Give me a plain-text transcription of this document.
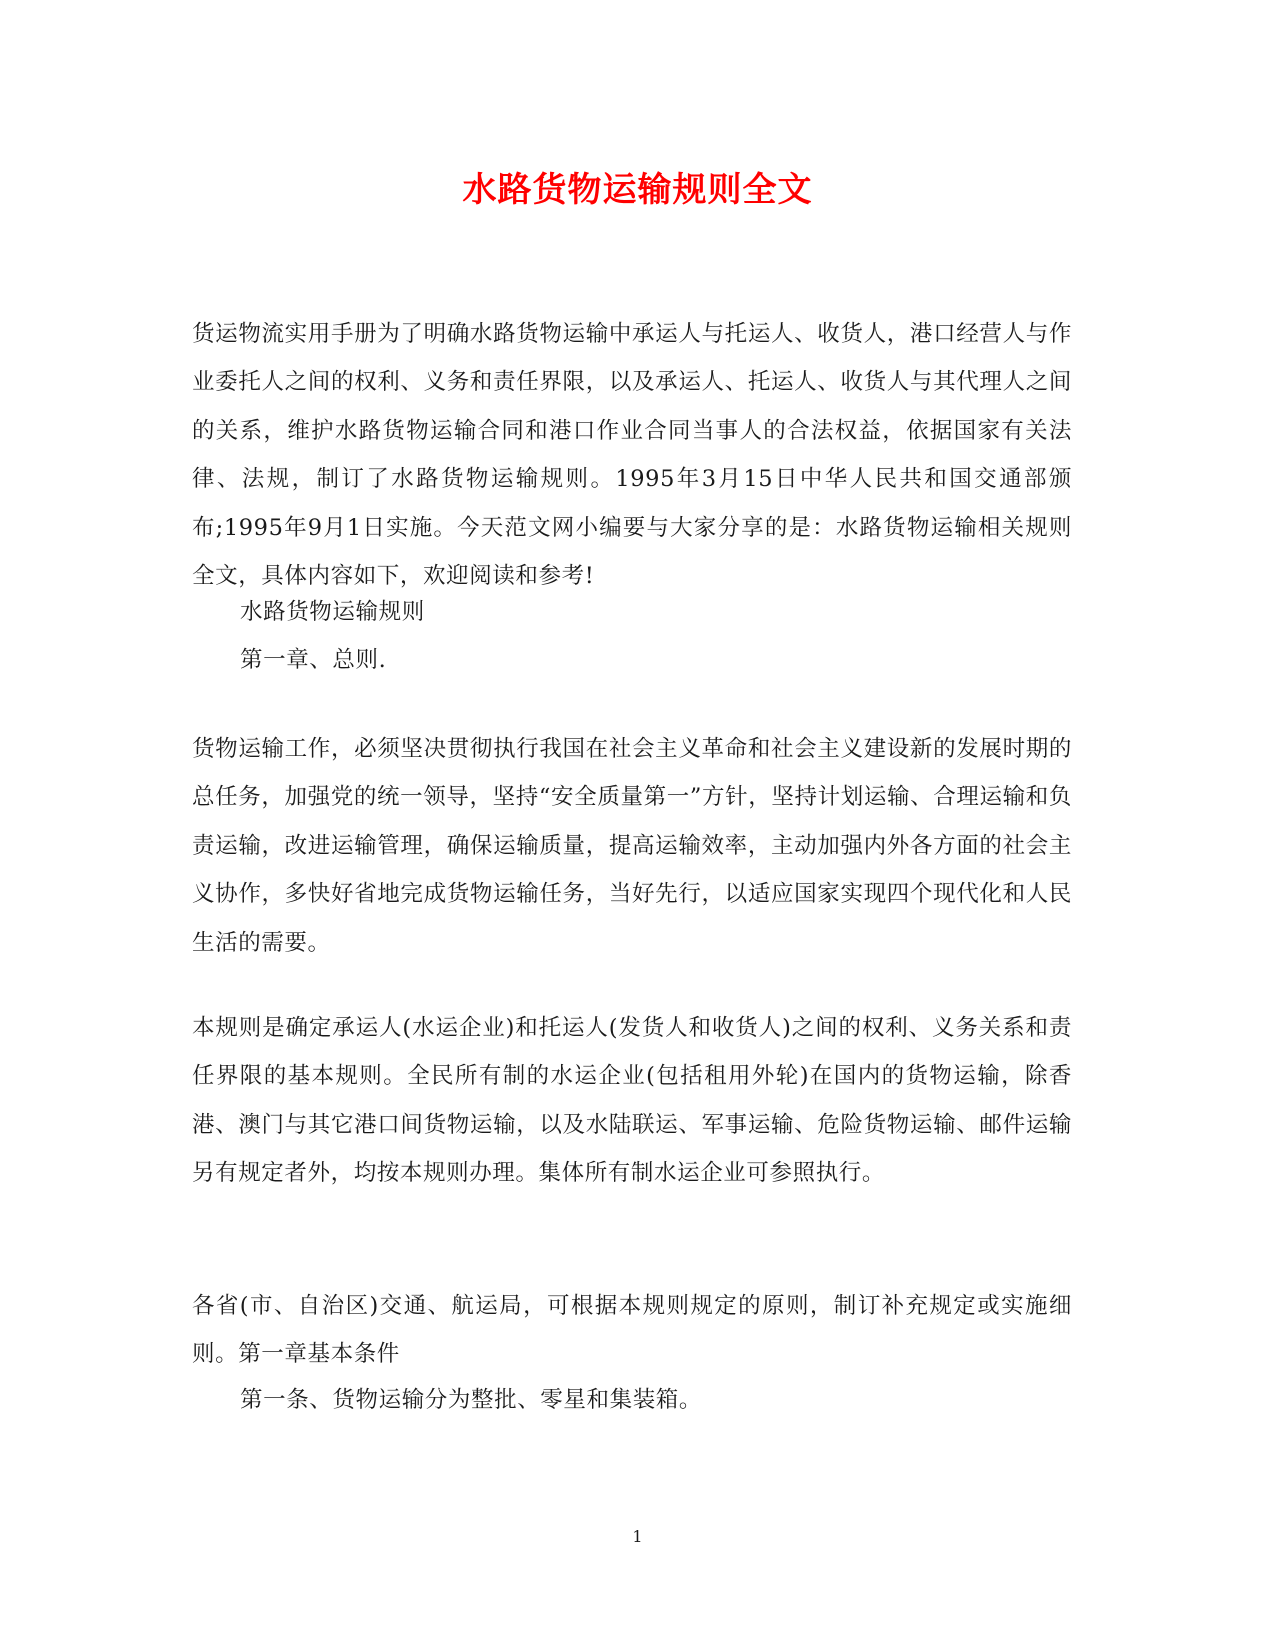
水路货物运输规则全文
货运物流实用手册为了明确水路货物运输中承运人与托运人、收货人，港口经营人与作业委托人之间的权利、义务和责任界限，以及承运人、托运人、收货人与其代理人之间的关系，维护水路货物运输合同和港口作业合同当事人的合法权益，依据国家有关法律、法规，制订了水路货物运输规则。1995年3月15日中华人民共和国交通部颁布;1995年9月1日实施。今天范文网小编要与大家分享的是：水路货物运输相关规则全文，具体内容如下，欢迎阅读和参考!
水路货物运输规则
第一章、总则.
货物运输工作，必须坚决贯彻执行我国在社会主义革命和社会主义建设新的发展时期的总任务，加强党的统一领导，坚持“安全质量第一”方针，坚持计划运输、合理运输和负责运输，改进运输管理，确保运输质量，提高运输效率，主动加强内外各方面的社会主义协作，多快好省地完成货物运输任务，当好先行，以适应国家实现四个现代化和人民生活的需要。
本规则是确定承运人(水运企业)和托运人(发货人和收货人)之间的权利、义务关系和责任界限的基本规则。全民所有制的水运企业(包括租用外轮)在国内的货物运输，除香港、澳门与其它港口间货物运输，以及水陆联运、军事运输、危险货物运输、邮件运输另有规定者外，均按本规则办理。集体所有制水运企业可参照执行。
各省(市、自治区)交通、航运局，可根据本规则规定的原则，制订补充规定或实施细则。第一章基本条件
第一条、货物运输分为整批、零星和集装箱。
1
